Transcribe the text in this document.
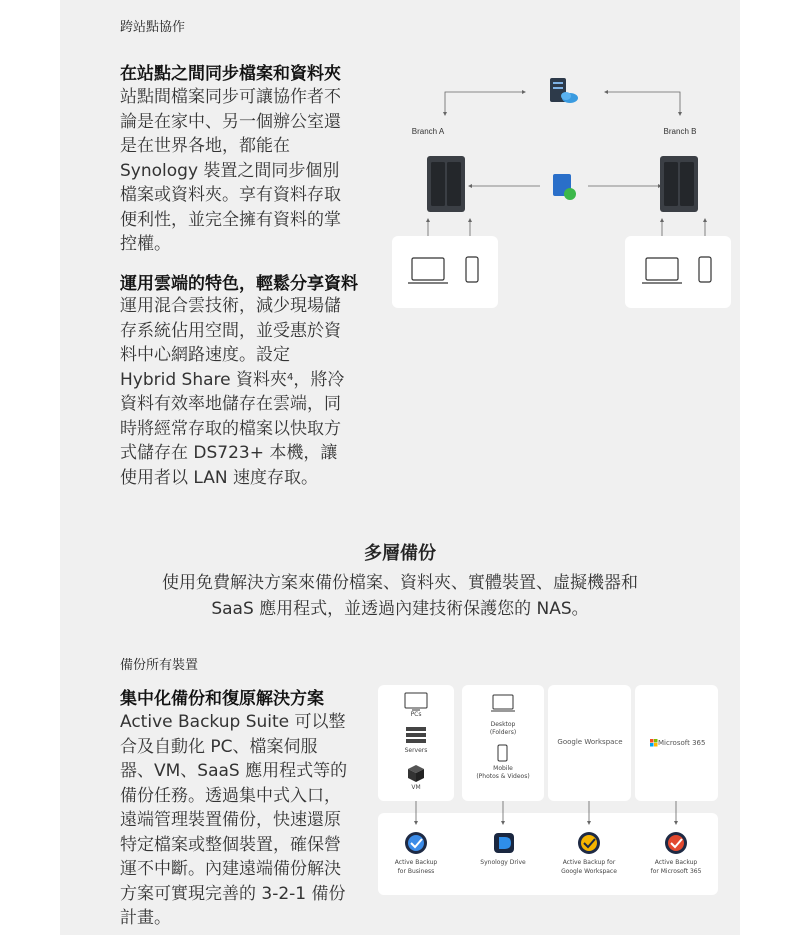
跨站點協作
在站點之間同步檔案和資料夾
站點間檔案同步可讓協作者不
論是在家中、另一個辦公室還
是在世界各地，都能在
Synology 裝置之間同步個別
檔案或資料夾。享有資料存取
便利性，並完全擁有資料的掌
控權。
運用雲端的特色，輕鬆分享資料
運用混合雲技術，減少現場儲
存系統佔用空間，並受惠於資
料中心網路速度。設定
Hybrid Share 資料夾$^4$，將冷
資料有效率地儲存在雲端，同
時將經常存取的檔案以快取方
式儲存在 DS723+ 本機，讓
使用者以 LAN 速度存取。
Branch A	Branch B
多層備份
使用免費解決方案來備份檔案、資料夾、實體裝置、虛擬機器和
SaaS 應用程式，並透過內建技術保護您的 NAS。
備份所有裝置
集中化備份和復原解決方案
Active Backup Suite 可以整
合及自動化 PC、檔案伺服
器、VM、SaaS 應用程式等的
備份任務。透過集中式入口，
遠端管理裝置備份，快速還原
特定檔案或整個裝置，確保營
運不中斷。內建遠端備份解決
方案可實現完善的 3-2-1 備份
計畫。
PCs
Servers
VM
Desktop
(Folders)
Mobile
(Photos & Videos)
Google Workspace	Microsoft 365
Active Backup
for Business
Synology Drive	Active Backup for
Google Workspace
Active Backup
for Microsoft 365
